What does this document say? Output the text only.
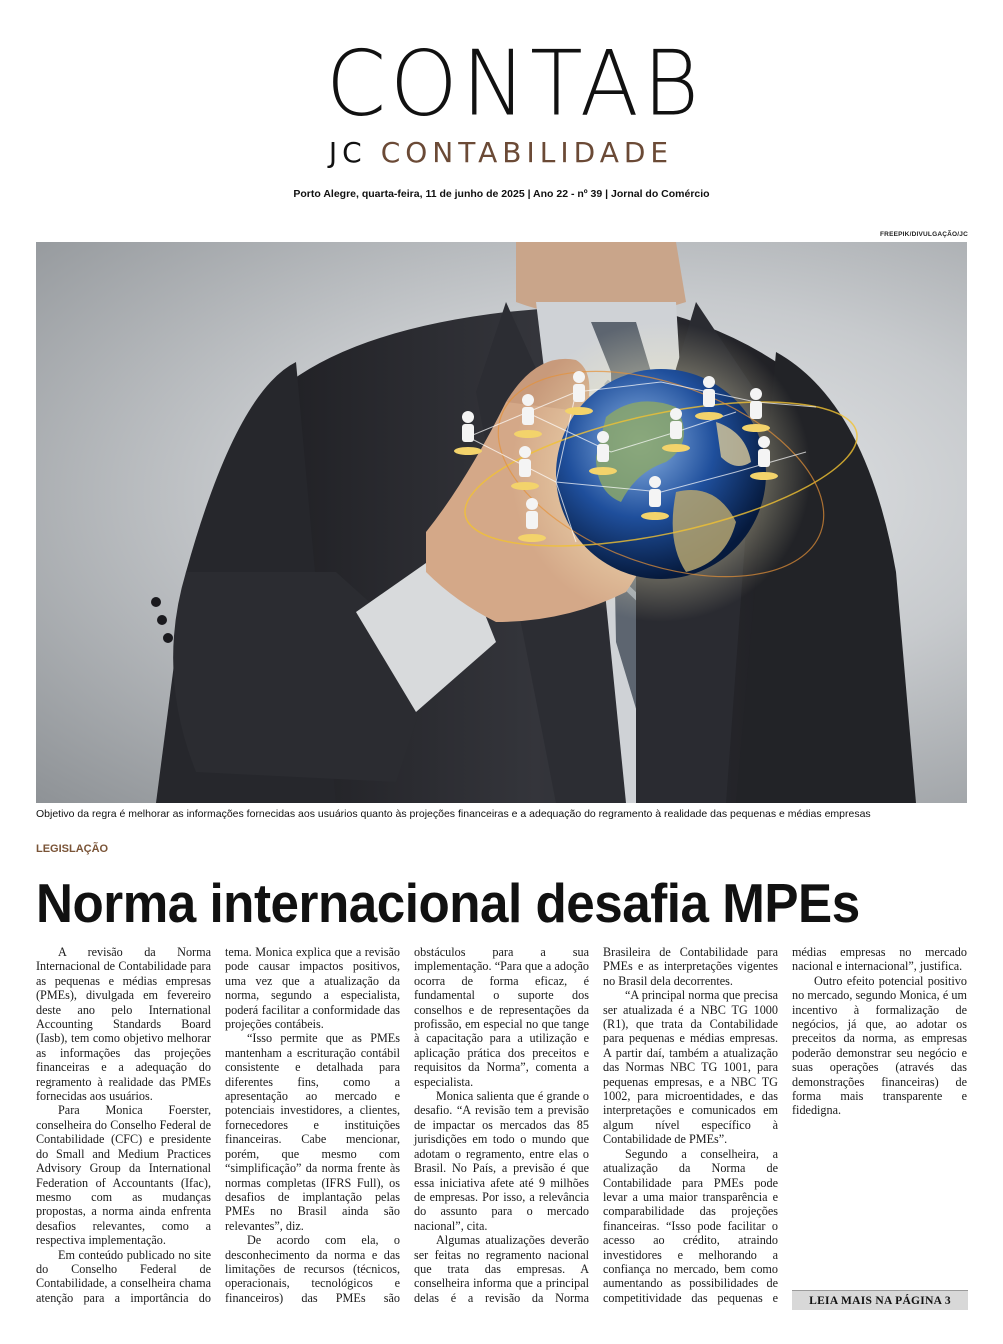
CONTAB
JC CONTABILIDADE
Porto Alegre, quarta-feira, 11 de junho de 2025 | Ano 22 - nº 39 | Jornal do Comércio
FREEPIK/DIVULGAÇÃO/JC
Objetivo da regra é melhorar as informações fornecidas aos usuários quanto às projeções financeiras e a adequação do regramento à realidade das pequenas e médias empresas
LEGISLAÇÃO
Norma internacional desafia MPEs

A revisão da Norma Internacional de Contabilidade para as pequenas e médias empresas (PMEs), divulgada em fevereiro deste ano pelo International Accounting Standards Board (Iasb), tem como objetivo melhorar as informações das projeções financeiras e a adequação do regramento à realidade das PMEs fornecidas aos usuários.

Para Monica Foerster, conselheira do Conselho Federal de Contabilidade (CFC) e presidente do Small and Medium Practices Advisory Group da International Federation of Accountants (Ifac), mesmo com as mudanças propostas, a norma ainda enfrenta desafios relevantes, como a respectiva implementação.

Em conteúdo publicado no site do Conselho Federal de Contabilidade, a conselheira chama atenção para a importância do tema. Monica explica que a revisão pode causar impactos positivos, uma vez que a atualização da norma, segundo a especialista, poderá facilitar a conformidade das projeções contábeis.

“Isso permite que as PMEs mantenham a escrituração contábil consistente e detalhada para diferentes fins, como a apresentação ao mercado e potenciais investidores, a clientes, fornecedores e instituições financeiras. Cabe mencionar, porém, que mesmo com “simplificação” da norma frente às normas completas (IFRS Full), os desafios de implantação pelas PMEs no Brasil ainda são relevantes”, diz.

De acordo com ela, o desconhecimento da norma e das limitações de recursos (técnicos, operacionais, tecnológicos e financeiros) das PMEs são obstáculos para a sua implementação. “Para que a adoção ocorra de forma eficaz, é fundamental o suporte dos conselhos e de representações da profissão, em especial no que tange à capacitação para a utilização e aplicação prática dos preceitos e requisitos da Norma”, comenta a especialista.

Monica salienta que é grande o desafio. “A revisão tem a previsão de impactar os mercados das 85 jurisdições em todo o mundo que adotam o regramento, entre elas o Brasil. No País, a previsão é que essa iniciativa afete até 9 milhões de empresas. Por isso, a relevância do assunto para o mercado nacional”, cita.

Algumas atualizações deverão ser feitas no regramento nacional que trata das empresas. A conselheira informa que a principal delas é a revisão da Norma Brasileira de Contabilidade para PMEs e as interpretações vigentes no Brasil dela decorrentes.

“A principal norma que precisa ser atualizada é a NBC TG 1000 (R1), que trata da Contabilidade para pequenas e médias empresas. A partir daí, também a atualização das Normas NBC TG 1001, para pequenas empresas, e a NBC TG 1002, para microentidades, e das interpretações e comunicados em algum nível específico à Contabilidade de PMEs”.

Segundo a conselheira, a atualização da Norma de Contabilidade para PMEs pode levar a uma maior transparência e comparabilidade das projeções financeiras. “Isso pode facilitar o acesso ao crédito, atraindo investidores e melhorando a confiança no mercado, bem como aumentando as possibilidades de competitividade das pequenas e médias empresas no mercado nacional e internacional”, justifica.

Outro efeito potencial positivo no mercado, segundo Monica, é um incentivo à formalização de negócios, já que, ao adotar os preceitos da norma, as empresas poderão demonstrar seu negócio e suas operações (através das demonstrações financeiras) de forma mais transparente e fidedigna.

LEIA MAIS NA PÁGINA 3
